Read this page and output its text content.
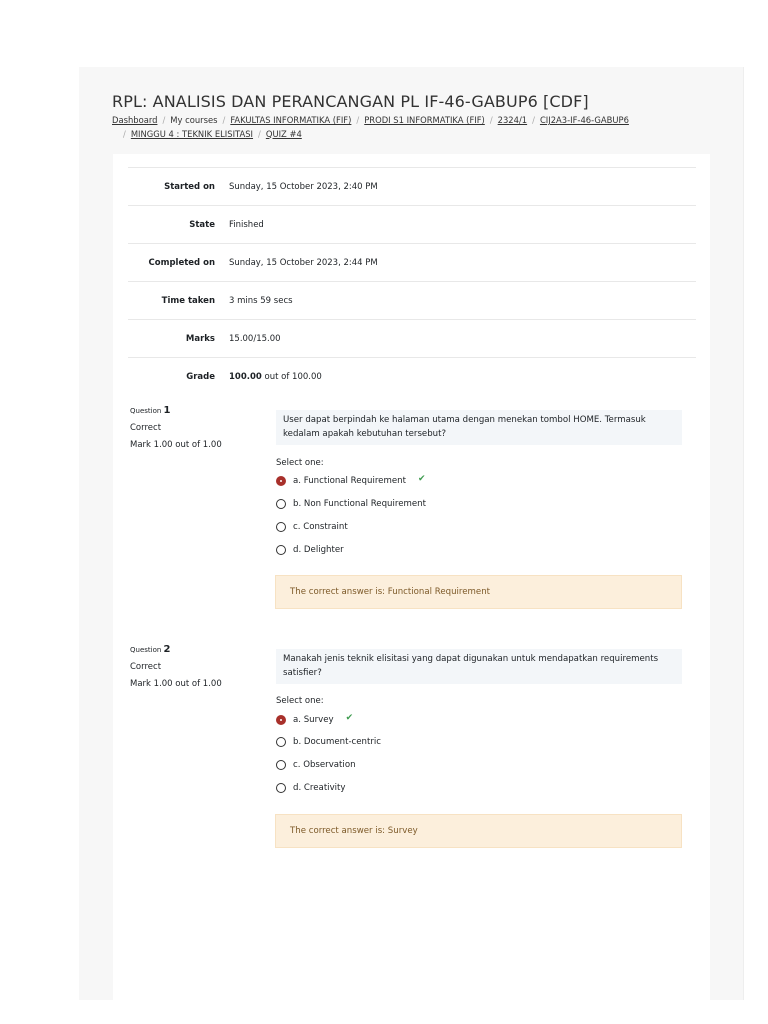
RPL: ANALISIS DAN PERANCANGAN PL IF-46-GABUP6 [CDF]
Dashboard / My courses / FAKULTAS INFORMATIKA (FIF) / PRODI S1 INFORMATIKA (FIF) / 2324/1 / CIJ2A3-IF-46-GABUP6
/ MINGGU 4 : TEKNIK ELISITASI / QUIZ #4
Started on	Sunday, 15 October 2023, 2:40 PM
State	Finished
Completed on	Sunday, 15 October 2023, 2:44 PM
Time taken	3 mins 59 secs
Marks	15.00/15.00
Grade	100.00 out of 100.00
Question 1
Correct
Mark 1.00 out of 1.00
User dapat berpindah ke halaman utama dengan menekan tombol HOME. Termasuk kedalam apakah kebutuhan tersebut?
Select one:
a. Functional Requirement ✔
b. Non Functional Requirement
c. Constraint
d. Delighter
The correct answer is: Functional Requirement
Question 2
Correct
Mark 1.00 out of 1.00
Manakah jenis teknik elisitasi yang dapat digunakan untuk mendapatkan requirements satisfier?
Select one:
a. Survey ✔
b. Document-centric
c. Observation
d. Creativity
The correct answer is: Survey
